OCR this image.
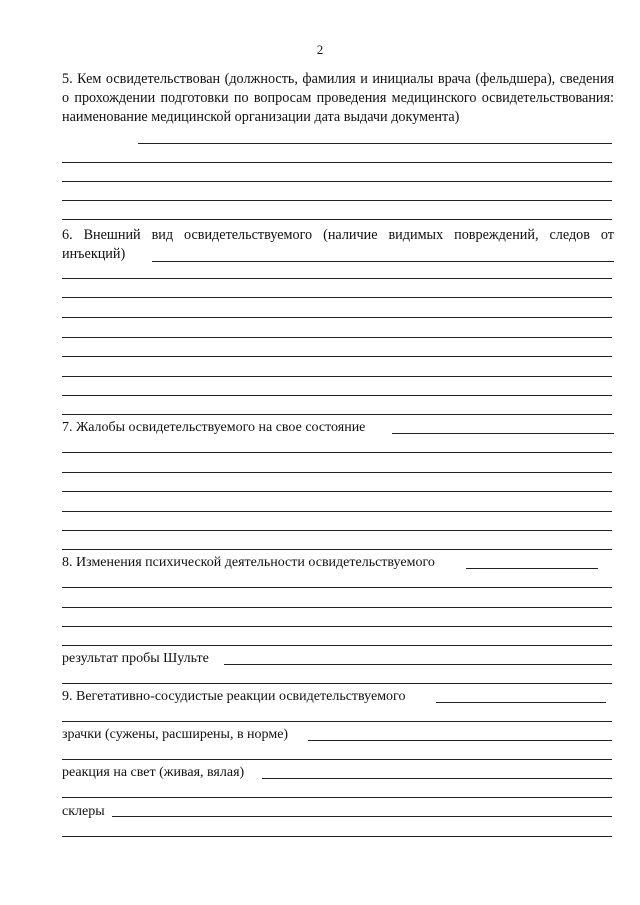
2
5. Кем освидетельствован (должность, фамилия и инициалы врача (фельдшера), сведения о прохождении подготовки по вопросам проведения медицинского освидетельствования: наименование медицинской организации дата выдачи документа)
6. Внешний вид освидетельствуемого (наличие видимых повреждений, следов от инъекций)
7. Жалобы освидетельствуемого на свое состояние
8. Изменения психической деятельности освидетельствуемого
результат пробы Шульте
9. Вегетативно-сосудистые реакции освидетельствуемого
зрачки (сужены, расширены, в норме)
реакция на свет (живая, вялая)
склеры
